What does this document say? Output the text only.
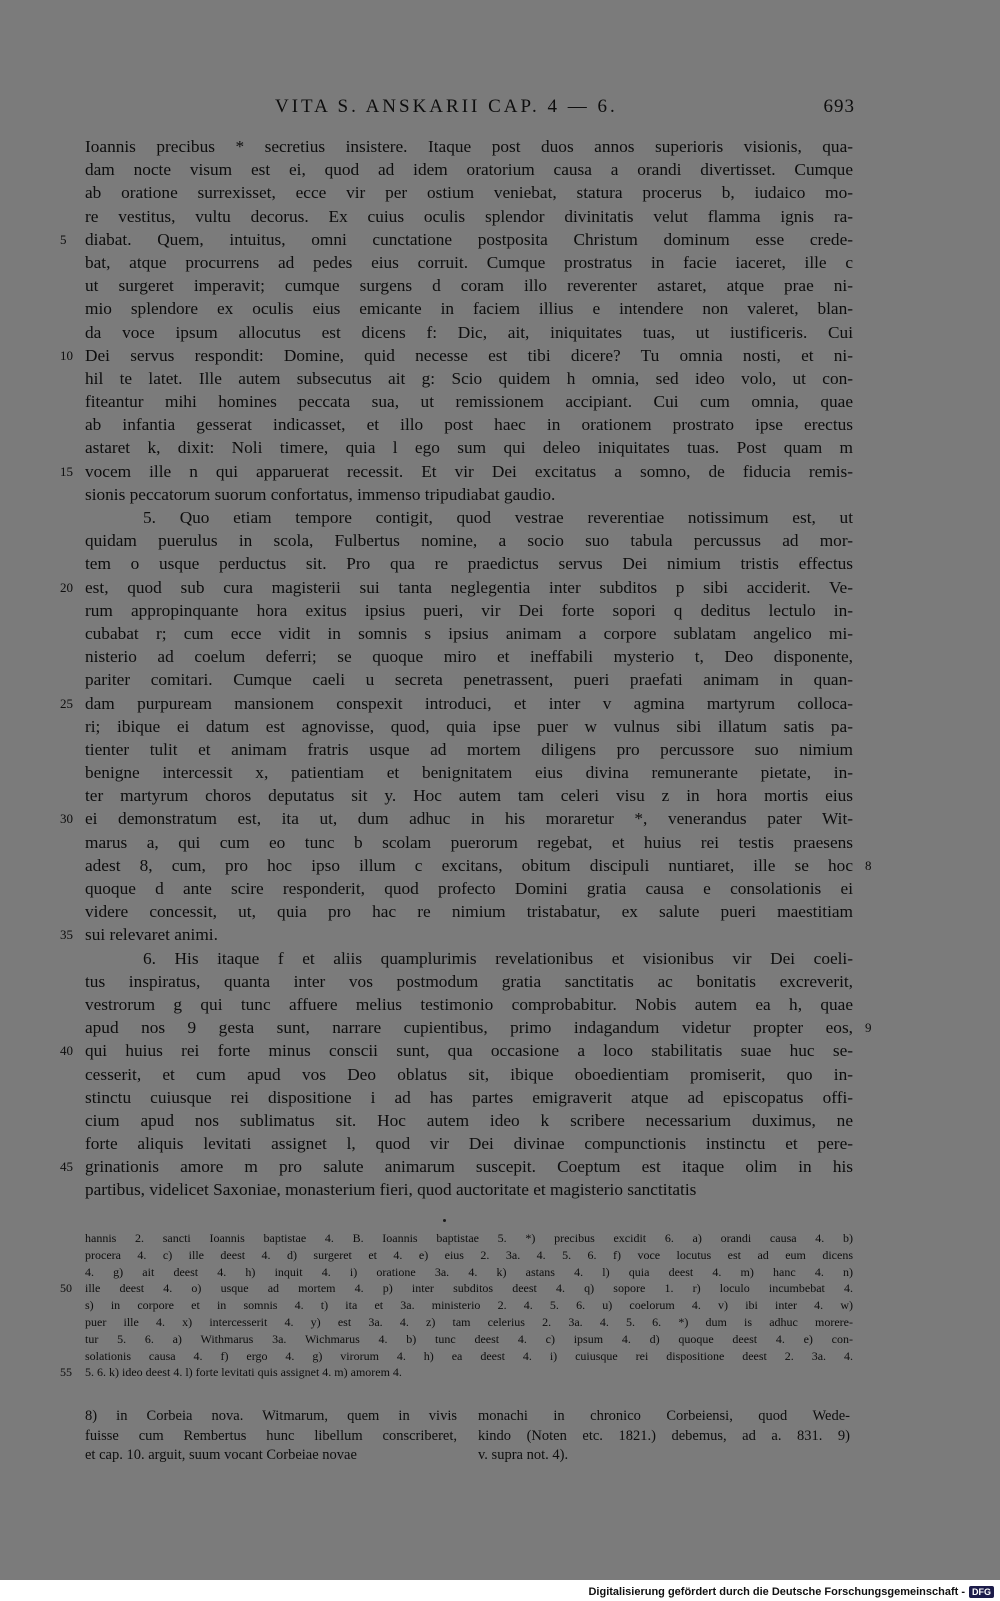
VITA S. ANSKARII CAP. 4 — 6.	693
Ioannis precibus * secretius insistere. Itaque post duos annos superioris visionis, qua-
dam nocte visum est ei, quod ad idem oratorium causa a orandi divertisset. Cumque
ab oratione surrexisset, ecce vir per ostium veniebat, statura procerus b, iudaico mo-
re vestitus, vultu decorus. Ex cuius oculis splendor divinitatis velut flamma ignis ra-
5	diabat. Quem, intuitus, omni cunctatione postposita Christum dominum esse crede-
bat, atque procurrens ad pedes eius corruit. Cumque prostratus in facie iaceret, ille c
ut surgeret imperavit; cumque surgens d coram illo reverenter astaret, atque prae ni-
mio splendore ex oculis eius emicante in faciem illius e intendere non valeret, blan-
da voce ipsum allocutus est dicens f: Dic, ait, iniquitates tuas, ut iustificeris. Cui
10 Dei servus respondit: Domine, quid necesse est tibi dicere? Tu omnia nosti, et ni-
hil te latet. Ille autem subsecutus ait g: Scio quidem h omnia, sed ideo volo, ut con-
fiteantur mihi homines peccata sua, ut remissionem accipiant. Cui cum omnia, quae
ab infantia gesserat indicasset, et illo post haec in orationem prostrato ipse erectus
astaret k, dixit: Noli timere, quia l ego sum qui deleo iniquitates tuas. Post quam m
15 vocem ille n qui apparuerat recessit. Et vir Dei excitatus a somno, de fiducia remis-
sionis peccatorum suorum confortatus, immenso tripudiabat gaudio.
5. Quo etiam tempore contigit, quod vestrae reverentiae notissimum est, ut
quidam puerulus in scola, Fulbertus nomine, a socio suo tabula percussus ad mor-
tem o usque perductus sit. Pro qua re praedictus servus Dei nimium tristis effectus
20 est, quod sub cura magisterii sui tanta neglegentia inter subditos p sibi acciderit. Ve-
rum appropinquante hora exitus ipsius pueri, vir Dei forte sopori q deditus lectulo in-
cubabat r; cum ecce vidit in somnis s ipsius animam a corpore sublatam angelico mi-
nisterio ad coelum deferri; se quoque miro et ineffabili mysterio t, Deo disponente,
pariter comitari. Cumque caeli u secreta penetrassent, pueri praefati animam in quan-
25 dam purpuream mansionem conspexit introduci, et inter v agmina martyrum colloca-
ri; ibique ei datum est agnovisse, quod, quia ipse puer w vulnus sibi illatum satis pa-
tienter tulit et animam fratris usque ad mortem diligens pro percussore suo nimium
benigne intercessit x, patientiam et benignitatem eius divina remunerante pietate, in-
ter martyrum choros deputatus sit y. Hoc autem tam celeri visu z in hora mortis eius
30 ei demonstratum est, ita ut, dum adhuc in his moraretur *, venerandus pater Wit-
marus a, qui cum eo tunc b scolam puerorum regebat, et huius rei testis praesens
8
adest 8, cum, pro hoc ipso illum c excitans, obitum discipuli nuntiaret, ille se hoc
quoque d ante scire responderit, quod profecto Domini gratia causa e consolationis ei
videre concessit, ut, quia pro hac re nimium tristabatur, ex salute pueri maestitiam
35 sui relevaret animi.
6. His itaque f et aliis quamplurimis revelationibus et visionibus vir Dei coeli-
tus inspiratus, quanta inter vos postmodum gratia sanctitatis ac bonitatis excreverit,
vestrorum g qui tunc affuere melius testimonio comprobabitur. Nobis autem ea h, quae
9
apud nos 9 gesta sunt, narrare cupientibus, primo indagandum videtur propter eos,
40 qui huius rei forte minus conscii sunt, qua occasione a loco stabilitatis suae huc se-
cesserit, et cum apud vos Deo oblatus sit, ibique oboedientiam promiserit, quo in-
stinctu cuiusque rei dispositione i ad has partes emigraverit atque ad episcopatus offi-
cium apud nos sublimatus sit. Hoc autem ideo k scribere necessarium duximus, ne
forte aliquis levitati assignet l, quod vir Dei divinae compunctionis instinctu et pere-
45 grinationis amore m pro salute animarum suscepit. Coeptum est itaque olim in his
partibus, videlicet Saxoniae, monasterium fieri, quod auctoritate et magisterio sanctitatis
hannis 2. sancti Ioannis baptistae 4. B. Ioannis baptistae 5. *) precibus excidit 6. a) orandi causa 4. b)
procera 4. c) ille deest 4. d) surgeret et 4. e) eius 2. 3a. 4. 5. 6. f) voce locutus est ad eum dicens
4. g) ait deest 4. h) inquit 4. i) oratione 3a. 4. k) astans 4. l) quia deest 4. m) hanc 4. n)
50 ille deest 4. o) usque ad mortem 4. p) inter subditos deest 4. q) sopore 1. r) loculo incumbebat 4.
s) in corpore et in somnis 4. t) ita et 3a. ministerio 2. 4. 5. 6. u) coelorum 4. v) ibi inter 4. w)
puer ille 4. x) intercesserit 4. y) est 3a. 4. z) tam celerius 2. 3a. 4. 5. 6. *) dum is adhuc morere-
tur 5. 6. a) Withmarus 3a. Wichmarus 4. b) tunc deest 4. c) ipsum 4. d) quoque deest 4. e) con-
solationis causa 4. f) ergo 4. g) virorum 4. h) ea deest 4. i) cuiusque rei dispositione deest 2. 3a. 4.
55 5. 6. k) ideo deest 4. l) forte levitati quis assignet 4. m) amorem 4.
8) in Corbeia nova. Witmarum, quem in vivis
fuisse cum Rembertus hunc libellum conscriberet,
et cap. 10. arguit, suum vocant Corbeiae novae
monachi in chronico Corbeiensi, quod Wede-
kindo (Noten etc. 1821.) debemus, ad a. 831. 9)
v. supra not. 4).
Digitalisierung gefördert durch die Deutsche Forschungsgemeinschaft - DFG
